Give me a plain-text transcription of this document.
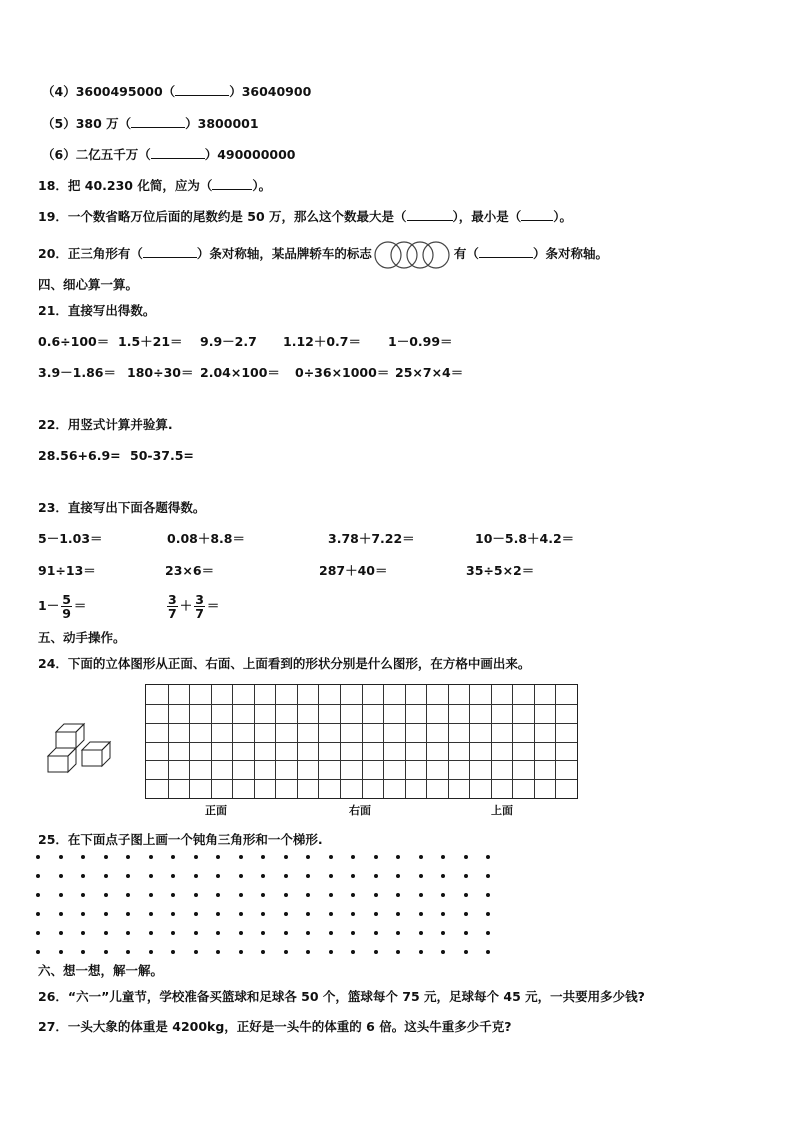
（4）3600495000（	）36040900
（5）380 万（	）3800001
（6）二亿五千万（	）490000000
18．把 40.230 化简，应为（	）。
19．一个数省略万位后面的尾数约是 50 万，那么这个数最大是（	），最小是（	）。
20．正三角形有（	）条对称轴，某品牌轿车的标志	有（	）条对称轴。
四、细心算一算。
21．直接写出得数。
0.6÷100＝ 1.5＋21＝ 9.9－2.7 1.12＋0.7＝ 1－0.99＝
3.9－1.86＝ 180÷30＝ 2.04×100＝ 0÷36×1000＝ 25×7×4＝
22．用竖式计算并验算.
28.56+6.9= 50-37.5=
23．直接写出下面各题得数。
5－1.03＝	0.08＋8.8＝	3.78＋7.22＝	10－5.8＋4.2＝
91÷13＝	23×6＝	287＋40＝	35÷5×2＝
$1- \frac{5}{9}$ ＝	$\frac{3}{7} + \frac{3}{7}$ ＝
五、动手操作。
24．下面的立体图形从正面、右面、上面看到的形状分别是什么图形，在方格中画出来。
正面	右面	上面
25．在下面点子图上画一个钝角三角形和一个梯形.
六、想一想，解一解。
26．“六一”儿童节，学校准备买篮球和足球各 50 个，篮球每个 75 元，足球每个 45 元，一共要用多少钱?
27．一头大象的体重是 4200kg，正好是一头牛的体重的 6 倍。这头牛重多少千克?
